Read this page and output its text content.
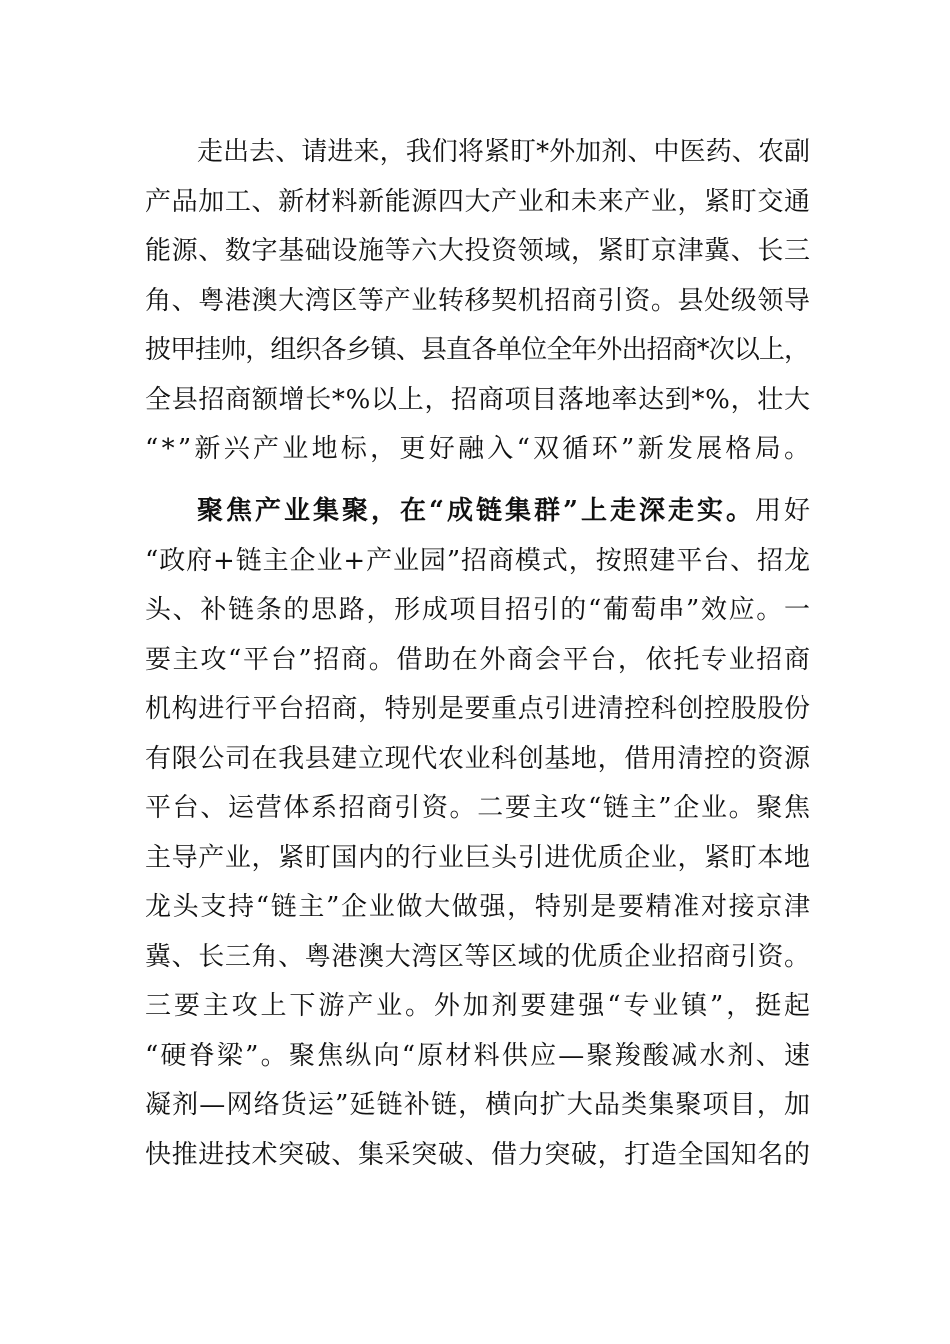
走出去、请进来，我们将紧盯*外加剂、中医药、农副
产品加工、新材料新能源四大产业和未来产业，紧盯交通
能源、数字基础设施等六大投资领域，紧盯京津冀、长三
角、粤港澳大湾区等产业转移契机招商引资。县处级领导
披甲挂帅，组织各乡镇、县直各单位全年外出招商*次以上，
全县招商额增长*%以上，招商项目落地率达到*%，壮大
“*”新兴产业地标，更好融入“双循环”新发展格局。
聚焦产业集聚，在“成链集群”上走深走实。用好
“政府+链主企业+产业园”招商模式，按照建平台、招龙
头、补链条的思路，形成项目招引的“葡萄串”效应。一
要主攻“平台”招商。借助在外商会平台，依托专业招商
机构进行平台招商，特别是要重点引进清控科创控股股份
有限公司在我县建立现代农业科创基地，借用清控的资源
平台、运营体系招商引资。二要主攻“链主”企业。聚焦
主导产业，紧盯国内的行业巨头引进优质企业，紧盯本地
龙头支持“链主”企业做大做强，特别是要精准对接京津
冀、长三角、粤港澳大湾区等区域的优质企业招商引资。
三要主攻上下游产业。外加剂要建强“专业镇”，挺起
“硬脊梁”。聚焦纵向“原材料供应—聚羧酸减水剂、速
凝剂—网络货运”延链补链，横向扩大品类集聚项目，加
快推进技术突破、集采突破、借力突破，打造全国知名的
